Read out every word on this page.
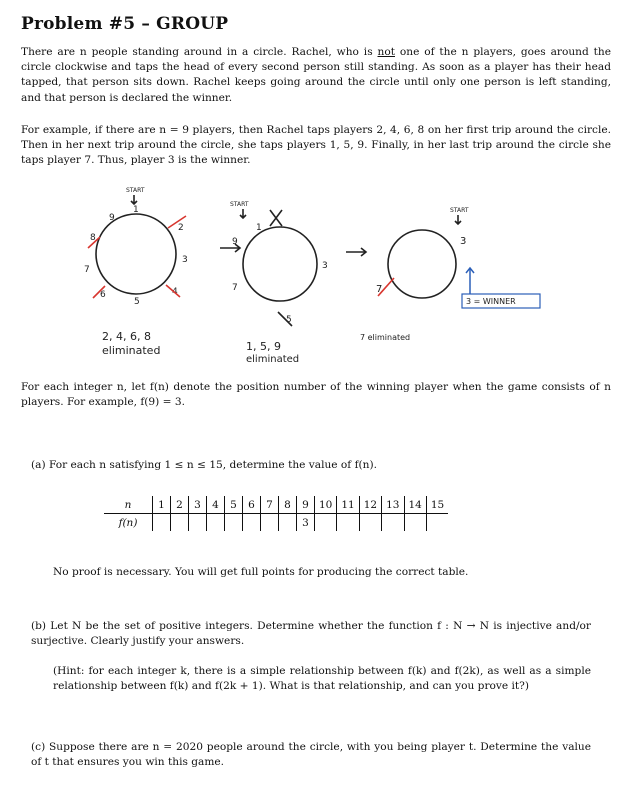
Problem #5 – GROUP
There are n people standing around in a circle. Rachel, who is not one of the n players, goes around the circle clockwise and taps the head of every second person still standing. As soon as a player has their head tapped, that person sits down. Rachel keeps going around the circle until only one person is left standing, and that person is declared the winner.
For example, if there are n = 9 players, then Rachel taps players 2, 4, 6, 8 on her first trip around the circle. Then in her next trip around the circle, she taps players 1, 5, 9. Finally, in her last trip around the circle she taps player 7. Thus, player 3 is the winner.
START
1
2
3
4
5
6
7
8
9
2, 4, 6, 8
eliminated
START
1
3
5
7
9
1, 5, 9
eliminated
START
3
7
7 eliminated
3 = WINNER
For each integer n, let f(n) denote the position number of the winning player when the game consists of n players. For example, f(9) = 3.
(a) For each n satisfying 1 ≤ n ≤ 15, determine the value of f(n).
n	1	2	3	4	5	6	7	8	9	10	11	12	13	14	15
f(n)									3						
No proof is necessary. You will get full points for producing the correct table.
(b) Let N be the set of positive integers. Determine whether the function f : N → N is injective and/or surjective. Clearly justify your answers.
(Hint: for each integer k, there is a simple relationship between f(k) and f(2k), as well as a simple relationship between f(k) and f(2k + 1). What is that relationship, and can you prove it?)
(c) Suppose there are n = 2020 people around the circle, with you being player t. Determine the value of t that ensures you win this game.
